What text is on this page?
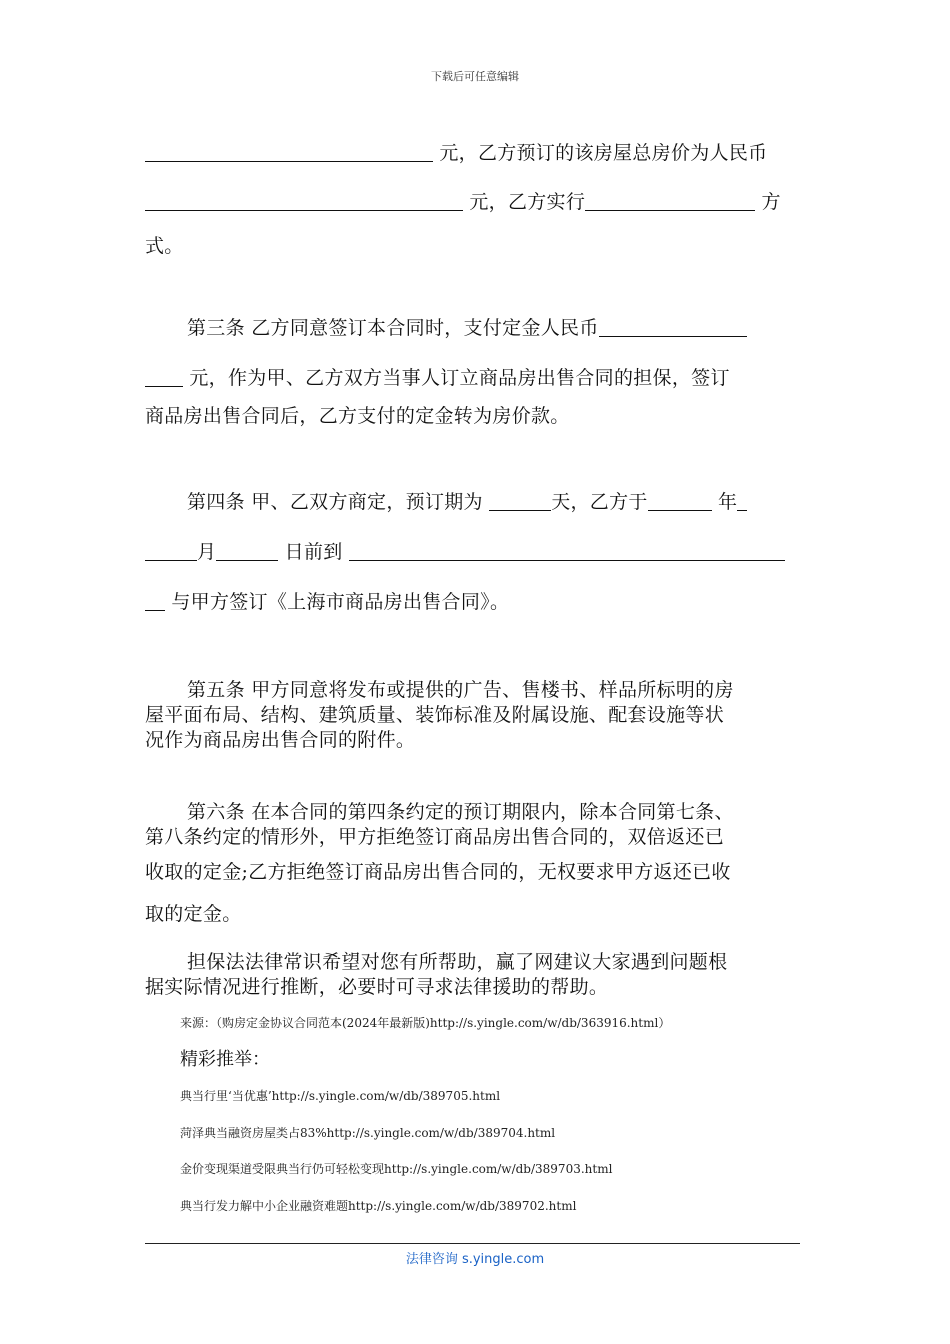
下载后可任意编辑
元，乙方预订的该房屋总房价为人民币
元，乙方实行	方
式。
第三条 乙方同意签订本合同时，支付定金人民币
元，作为甲、乙方双方当事人订立商品房出售合同的担保，签订
商品房出售合同后，乙方支付的定金转为房价款。
第四条 甲、乙双方商定，预订期为	天，乙方于	年
月	日前到
与甲方签订《上海市商品房出售合同》。
第五条 甲方同意将发布或提供的广告、售楼书、样品所标明的房
屋平面布局、结构、建筑质量、装饰标准及附属设施、配套设施等状
况作为商品房出售合同的附件。
第六条 在本合同的第四条约定的预订期限内，除本合同第七条、
第八条约定的情形外，甲方拒绝签订商品房出售合同的，双倍返还已
收取的定金;乙方拒绝签订商品房出售合同的，无权要求甲方返还已收
取的定金。
担保法法律常识希望对您有所帮助，赢了网建议大家遇到问题根
据实际情况进行推断，必要时可寻求法律援助的帮助。
来源：（购房定金协议合同范本(2024年最新版)http://s.yingle.com/w/db/363916.html）
精彩推举：
典当行里‘当优惠’http://s.yingle.com/w/db/389705.html
菏泽典当融资房屋类占83%http://s.yingle.com/w/db/389704.html
金价变现渠道受限典当行仍可轻松变现http://s.yingle.com/w/db/389703.html
典当行发力解中小企业融资难题http://s.yingle.com/w/db/389702.html
法律咨询 s.yingle.com
